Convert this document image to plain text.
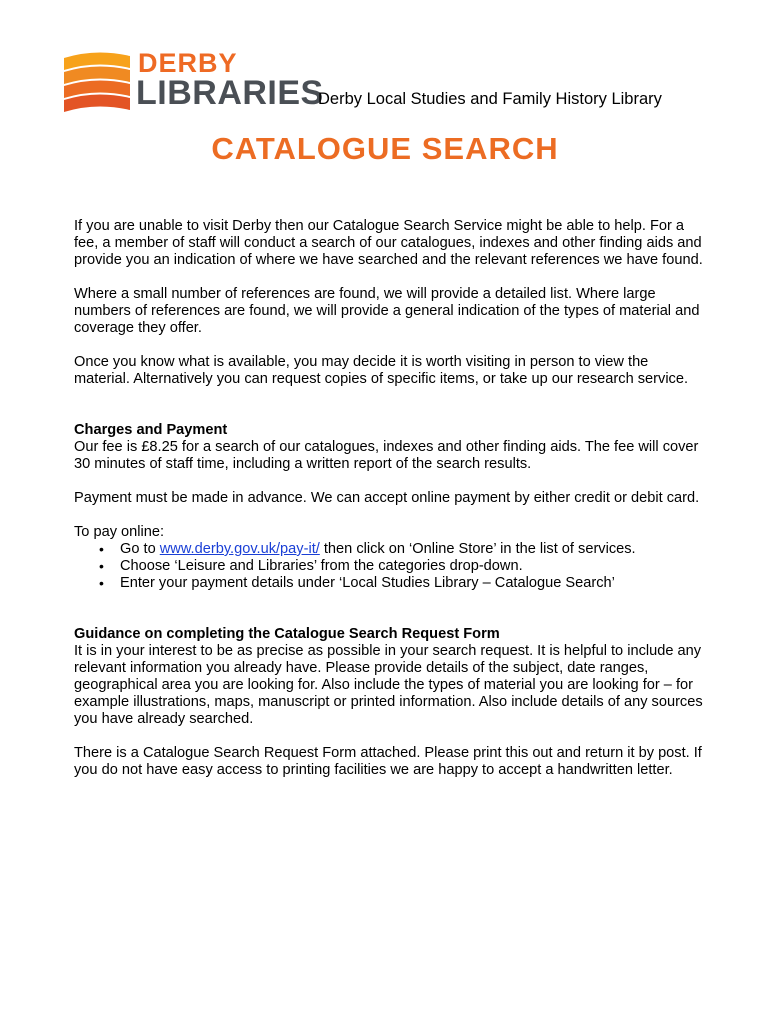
DERBY
LIBRARIES
Derby Local Studies and Family History Library
CATALOGUE SEARCH

If you are unable to visit Derby then our Catalogue Search Service might be able to help. For a fee, a member of staff will conduct a search of our catalogues, indexes and other finding aids and provide you an indication of where we have searched and the relevant references we have found.

Where a small number of references are found, we will provide a detailed list. Where large numbers of references are found, we will provide a general indication of the types of material and coverage they offer.

Once you know what is available, you may decide it is worth visiting in person to view the material. Alternatively you can request copies of specific items, or take up our research service.

Charges and Payment

Our fee is £8.25 for a search of our catalogues, indexes and other finding aids. The fee will cover 30 minutes of staff time, including a written report of the search results.

Payment must be made in advance. We can accept online payment by either credit or debit card.

To pay online:

• Go to www.derby.gov.uk/pay-it/ then click on ‘Online Store’ in the list of services.
• Choose ‘Leisure and Libraries’ from the categories drop-down.
• Enter your payment details under ‘Local Studies Library – Catalogue Search’

Guidance on completing the Catalogue Search Request Form

It is in your interest to be as precise as possible in your search request. It is helpful to include any relevant information you already have. Please provide details of the subject, date ranges, geographical area you are looking for. Also include the types of material you are looking for – for example illustrations, maps, manuscript or printed information. Also include details of any sources you have already searched.

There is a Catalogue Search Request Form attached. Please print this out and return it by post. If you do not have easy access to printing facilities we are happy to accept a handwritten letter.
